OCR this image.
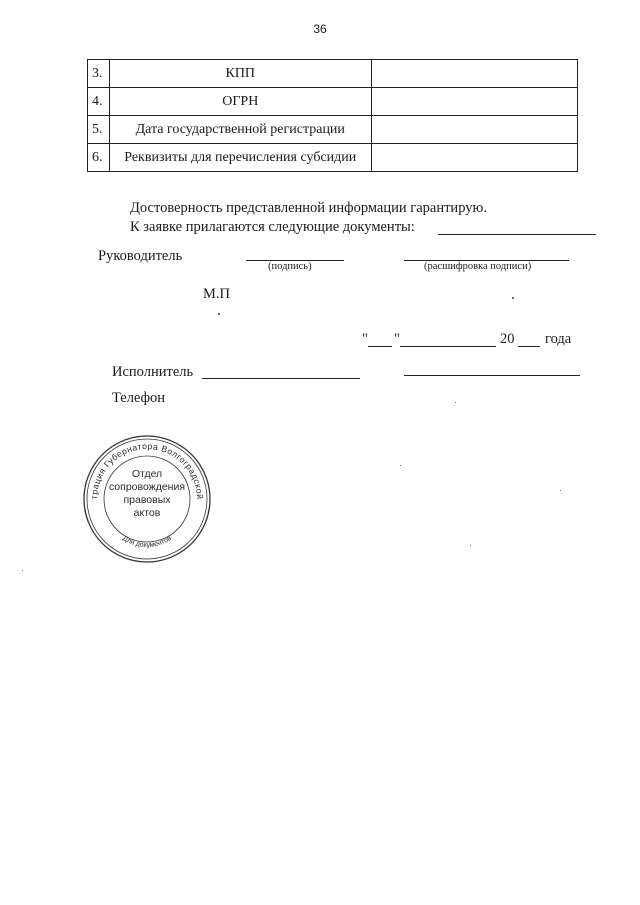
36
3.	КПП	
4.	ОГРН	
5.	Дата государственной регистрации	
6.	Реквизиты для перечисления субсидии	
Достоверность представленной информации гарантирую.
К заявке прилагаются следующие документы:
Руководитель
(подпись)	(расшифровка подписи)
М.П
" "	20 года
Исполнитель
Телефон
трация Губернатора Волгоградской
Для документов
Отдел
сопровождения
правовых
актов
